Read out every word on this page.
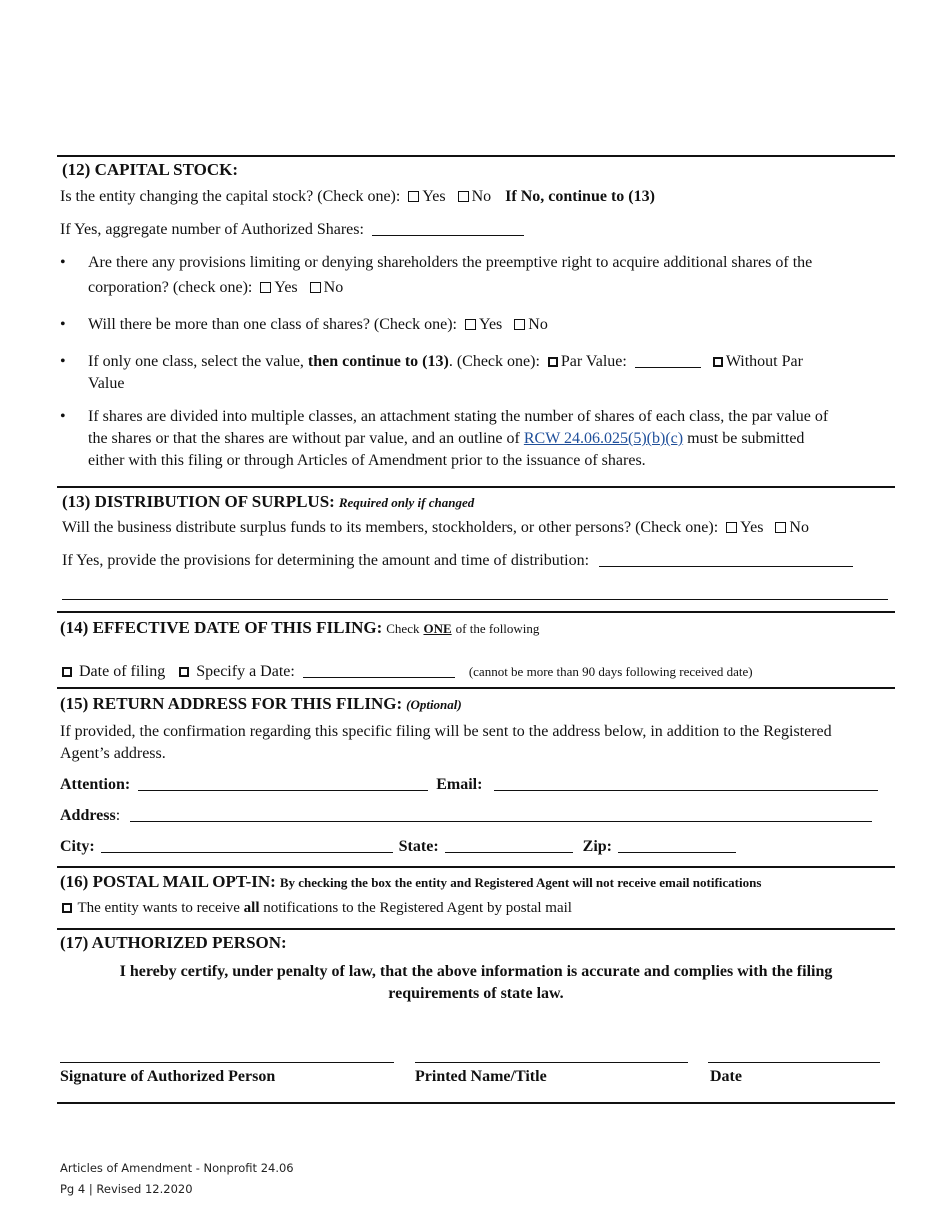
(12) CAPITAL STOCK:
Is the entity changing the capital stock? (Check one): Yes No If No, continue to (13)
If Yes, aggregate number of Authorized Shares:
• Are there any provisions limiting or denying shareholders the preemptive right to acquire additional shares of the
corporation? (check one): Yes No
• Will there be more than one class of shares? (Check one): Yes No
• If only one class, select the value, then continue to (13). (Check one): Par Value:	Without Par
Value
• If shares are divided into multiple classes, an attachment stating the number of shares of each class, the par value of
the shares or that the shares are without par value, and an outline of RCW 24.06.025(5)(b)(c) must be submitted
either with this filing or through Articles of Amendment prior to the issuance of shares.
(13) DISTRIBUTION OF SURPLUS: Required only if changed
Will the business distribute surplus funds to its members, stockholders, or other persons? (Check one): Yes No
If Yes, provide the provisions for determining the amount and time of distribution:
(14) EFFECTIVE DATE OF THIS FILING: Check ONE of the following
Date of filing Specify a Date:	(cannot be more than 90 days following received date)
(15) RETURN ADDRESS FOR THIS FILING: (Optional)
If provided, the confirmation regarding this specific filing will be sent to the address below, in addition to the Registered
Agent’s address.
Attention:	Email:
Address:
City:	State:	Zip:
(16) POSTAL MAIL OPT-IN: By checking the box the entity and Registered Agent will not receive email notifications
The entity wants to receive all notifications to the Registered Agent by postal mail
(17) AUTHORIZED PERSON:
I hereby certify, under penalty of law, that the above information is accurate and complies with the filing
requirements of state law.
Signature of Authorized Person	Printed Name/Title	Date
Articles of Amendment - Nonprofit 24.06
Pg 4 | Revised 12.2020
